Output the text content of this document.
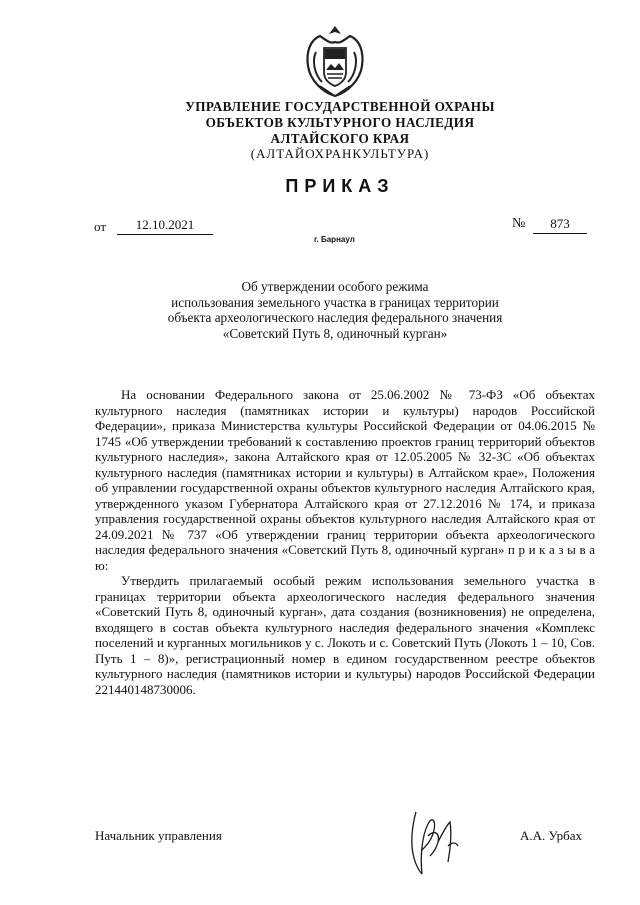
УПРАВЛЕНИЕ ГОСУДАРСТВЕННОЙ ОХРАНЫ
ОБЪЕКТОВ КУЛЬТУРНОГО НАСЛЕДИЯ
АЛТАЙСКОГО КРАЯ
(АЛТАЙОХРАНКУЛЬТУРА)
ПРИКАЗ
от	12.10.2021	№	873
г. Барнаул
Об утверждении особого режима
использования земельного участка в границах территории
объекта археологического наследия федерального значения
«Советский Путь 8, одиночный курган»

На основании Федерального закона от 25.06.2002 № 73-ФЗ «Об объектах культурного наследия (памятниках истории и культуры) народов Российской Федерации», приказа Министерства культуры Российской Федерации от 04.06.2015 № 1745 «Об утверждении требований к составлению проектов границ территорий объектов культурного наследия», закона Алтайского края от 12.05.2005 № 32-ЗС «Об объектах культурного наследия (памятниках истории и культуры) в Алтайском крае», Положения об управлении государственной охраны объектов культурного наследия Алтайского края, утвержденного указом Губернатора Алтайского края от 27.12.2016 № 174, и приказа управления государственной охраны объектов культурного наследия Алтайского края от 24.09.2021 № 737 «Об утверждении границ территории объекта археологического наследия федерального значения «Советский Путь 8, одиночный курган» п р и к а з ы в а ю:

Утвердить прилагаемый особый режим использования земельного участка в границах территории объекта археологического наследия федерального значения «Советский Путь 8, одиночный курган», дата создания (возникновения) не определена, входящего в состав объекта культурного наследия федерального значения «Комплекс поселений и курганных могильников у с. Локоть и с. Советский Путь (Локоть 1 – 10, Сов. Путь 1 – 8)», регистрационный номер в едином государственном реестре объектов культурного наследия (памятников истории и культуры) народов Российской Федерации 221440148730006.

Начальник управления	А.А. Урбах
